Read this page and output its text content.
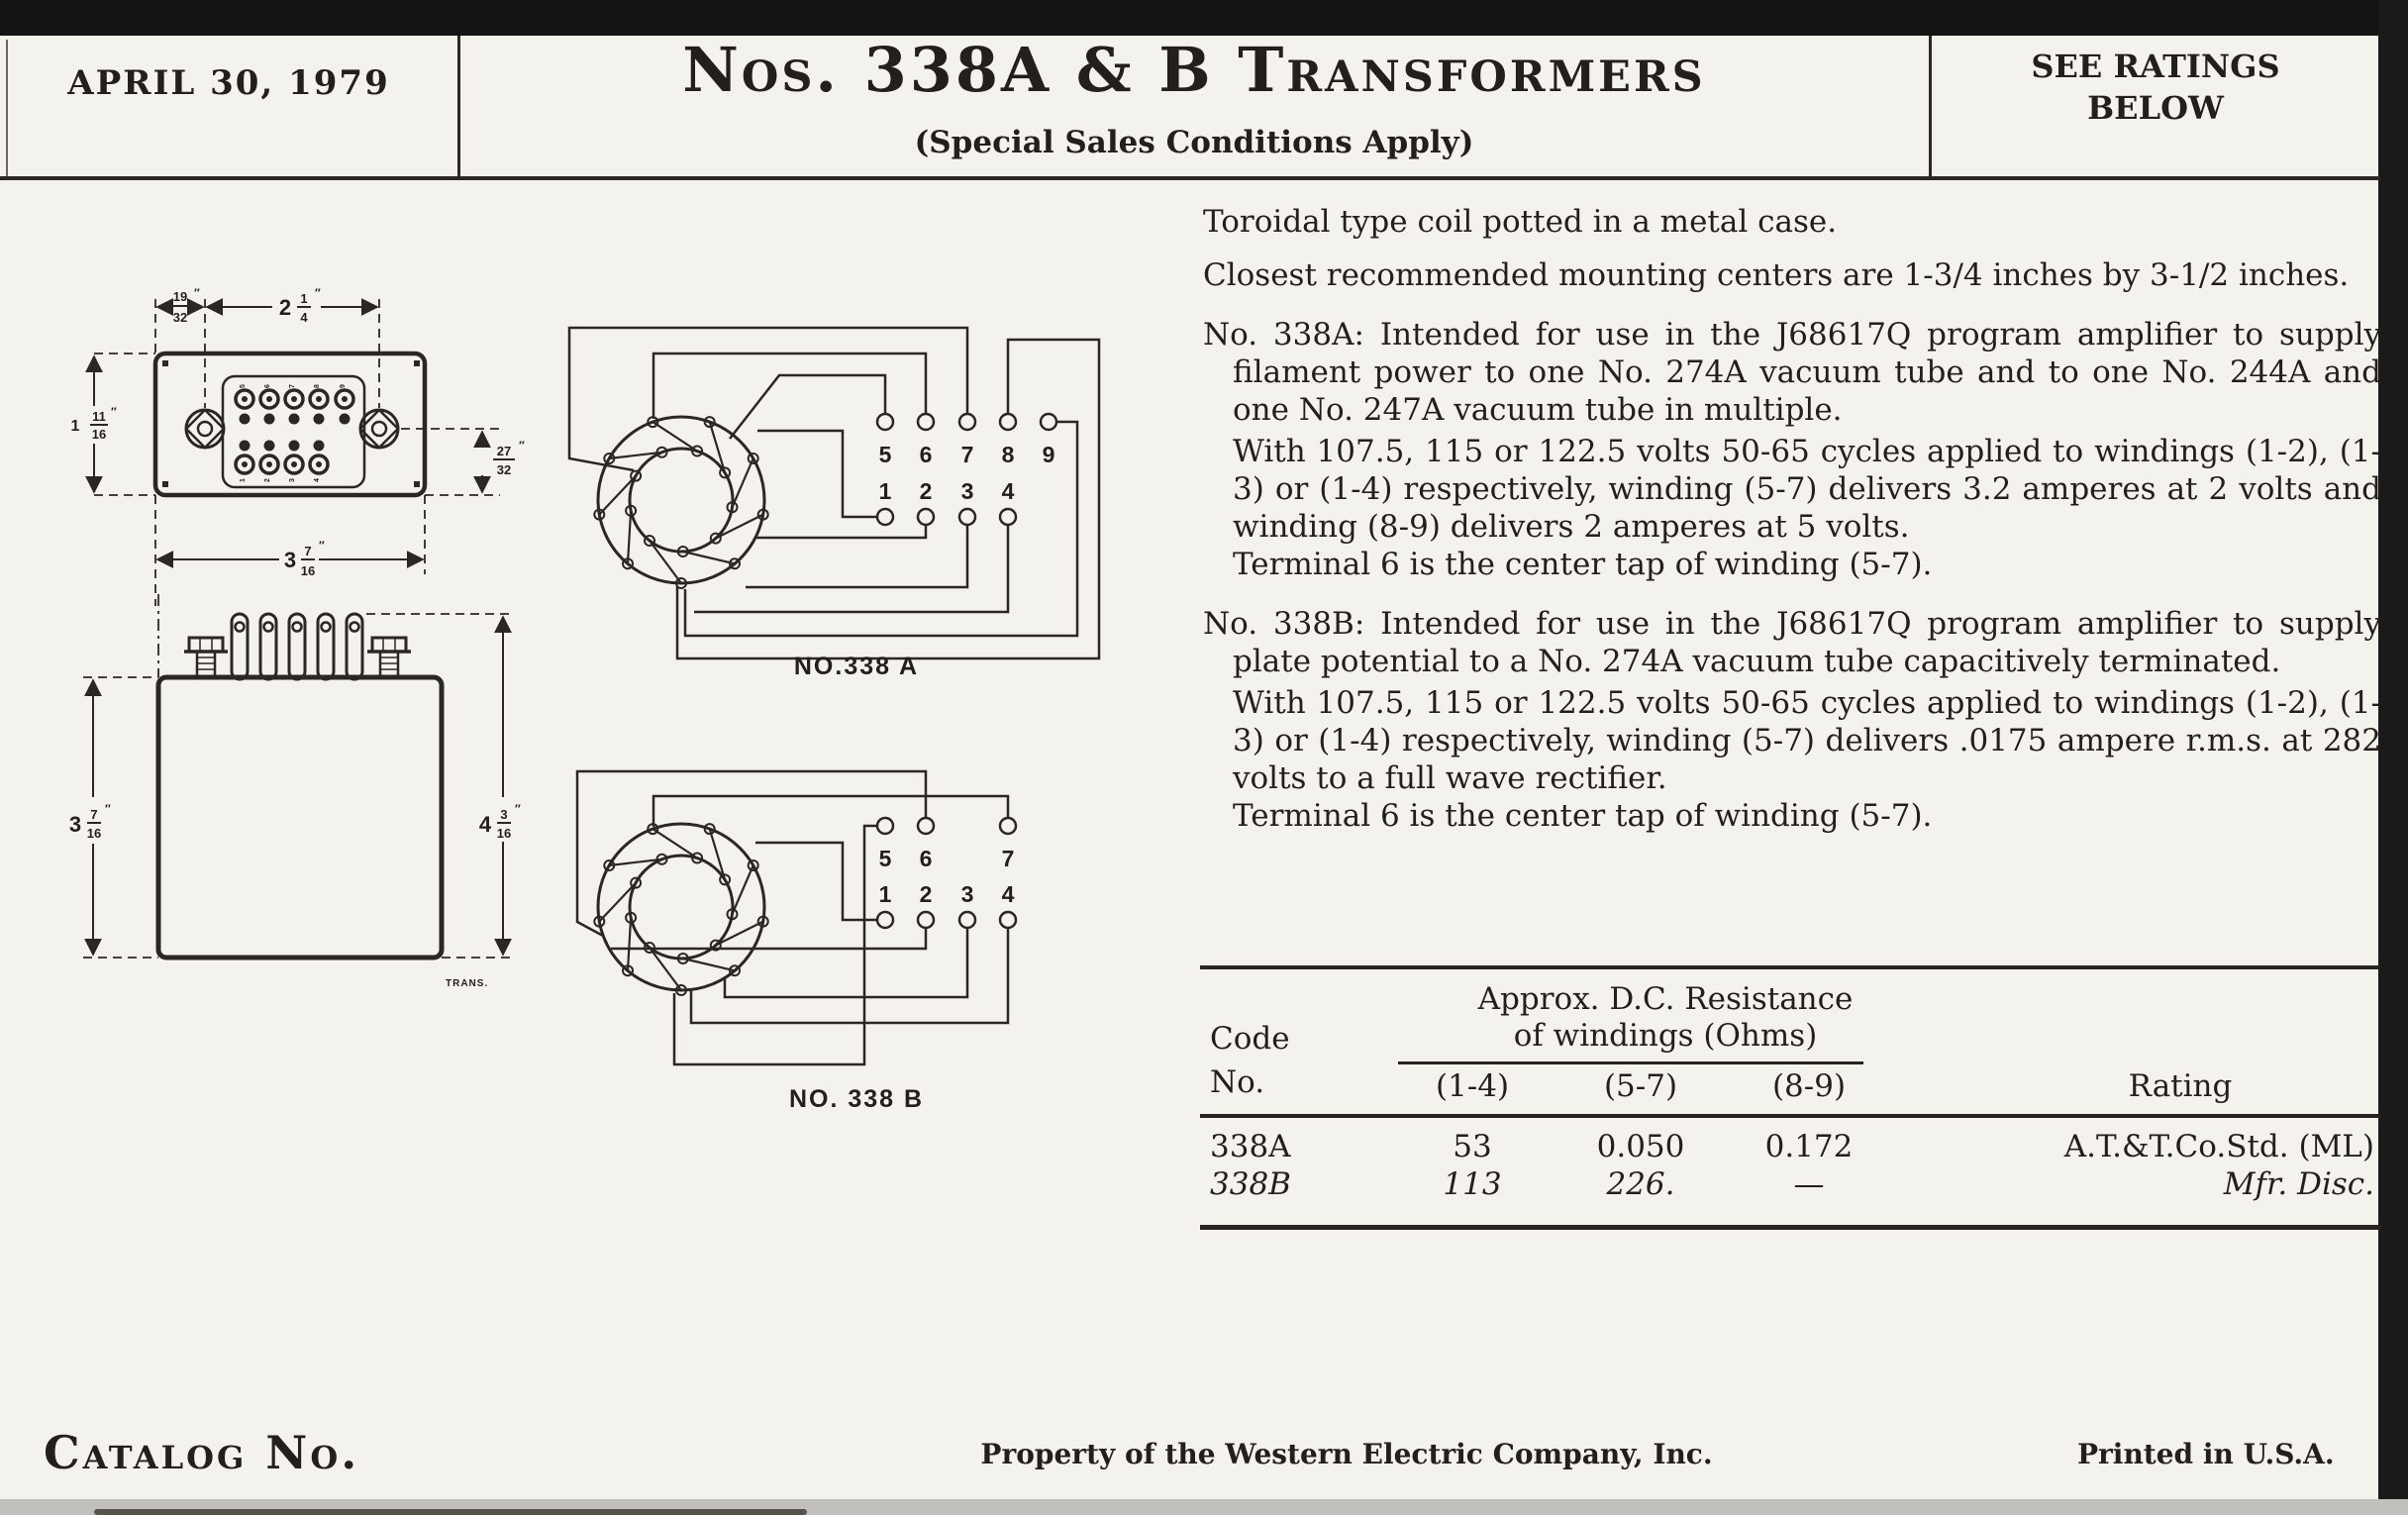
APRIL 30, 1979	Nos. 338A & B Transformers
(Special Sales Conditions Apply)
SEE RATINGS
BELOW
5	6	7	8	9
1	2	3	4
19
32
″
2 1
4
″
1
11
16
″
27
32
″
3 7
16
″
3 7
16
″
4 3
16
″
TRANS.
5 6 7 8 9
1 2 3 4
NO.338 A
5 6	7
1 2 3 4
NO. 338 B

Toroidal type coil potted in a metal case.

Closest recommended mounting centers are 1-3/4 inches by 3-1/2 inches.

No. 338A: Intended for use in the J68617Q program amplifier to supply filament power to one No. 274A vacuum tube and to one No. 244A and one No. 247A vacuum tube in multiple.

With 107.5, 115 or 122.5 volts 50-65 cycles applied to windings (1-2), (1-3) or (1-4) respectively, winding (5-7) delivers 3.2 amperes at 2 volts and winding (8-9) delivers 2 amperes at 5 volts.

Terminal 6 is the center tap of winding (5-7).

No. 338B: Intended for use in the J68617Q program amplifier to supply plate potential to a No. 274A vacuum tube capacitively terminated.

With 107.5, 115 or 122.5 volts 50-65 cycles applied to windings (1-2), (1-3) or (1-4) respectively, winding (5-7) delivers .0175 ampere r.m.s. at 282 volts to a full wave rectifier.

Terminal 6 is the center tap of winding (5-7).

Approx. D.C. Resistance
of windings (Ohms)
Code
No.	(1-4)	(5-7)	(8-9)	Rating
338A	53	0.050	0.172	A.T.&T.Co.Std. (ML)
338B	113	226.	—	Mfr. Disc.
Catalog No.	Property of the Western Electric Company, Inc.	Printed in U.S.A.
